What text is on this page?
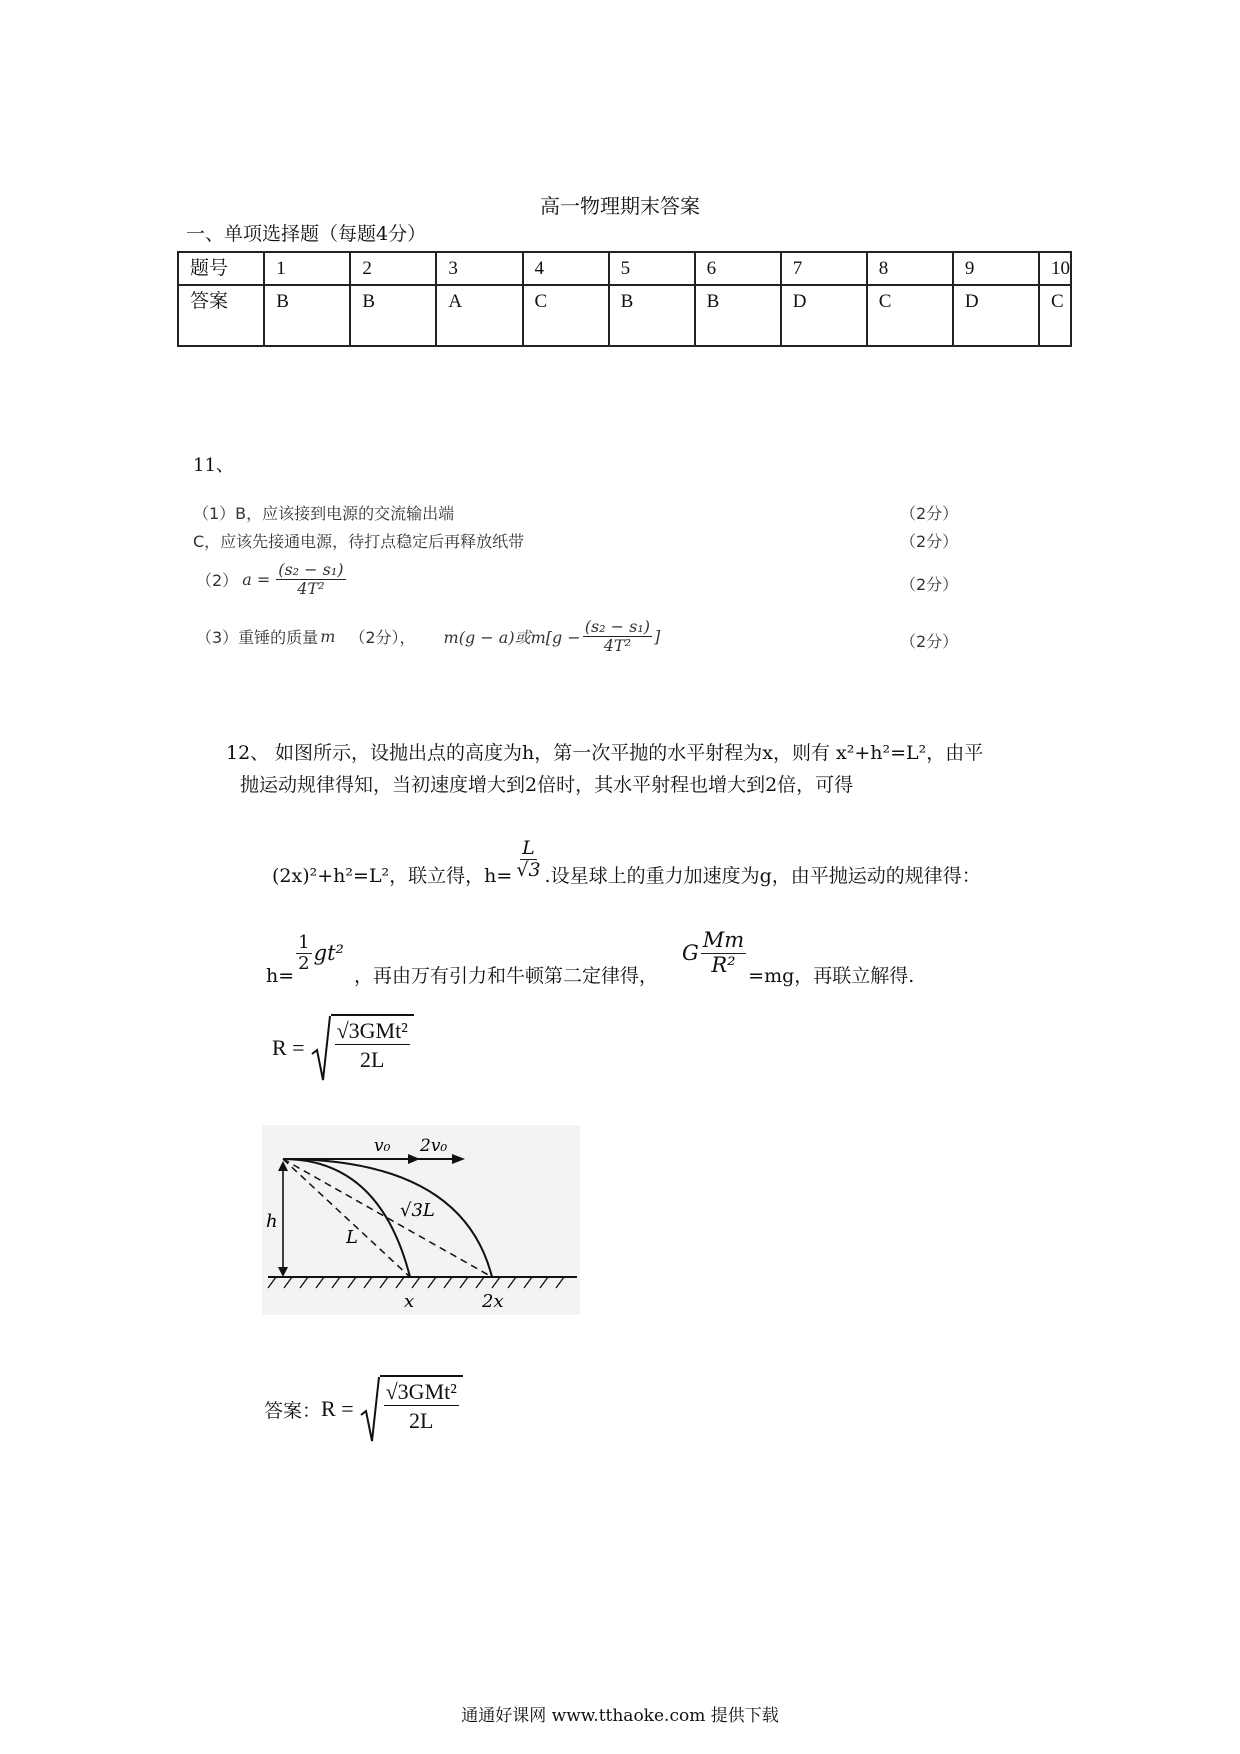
高一物理期末答案
一、单项选择题（每题4分）
题号	1	2	3	4	5	6	7	8	9	10
答案	B	B	A	C	B	B	D	C	D	C
11、
（1）B，应该接到电源的交流输出端	（2分）
C，应该先接通电源，待打点稳定后再释放纸带	（2分）
（2） $a = \frac{\text{(s₂ − s₁)}}{\text{4T²}}$	（2分）
（3）重锤的质量 m （2分）， m(g − a)或$m[g - \frac{\text{(s₂ − s₁)}}{\text{4T²}}$ ]	（2分）
12、 如图所示，设抛出点的高度为h，第一次平抛的水平射程为x，则有 x²+h²=L²，由平
抛运动规律得知，当初速度增大到2倍时，其水平射程也增大到2倍，可得
(2x)²+h²=L²，联立得，$h= \frac{L}{√3}$ .设星球上的重力加速度为g，由平抛运动的规律得：
h=
$\frac{1}{2} gt^2$
，再由万有引力和牛顿第二定律得，
G $\frac{Mm}{\text{R²}} =mg$，再联立解得.
R =
√3GMt²
2L
v₀ 2v₀
h
L
√3L
x	2x
答案： R =
√3GMt²
2L
通通好课网 www.tthaoke.com 提供下载
